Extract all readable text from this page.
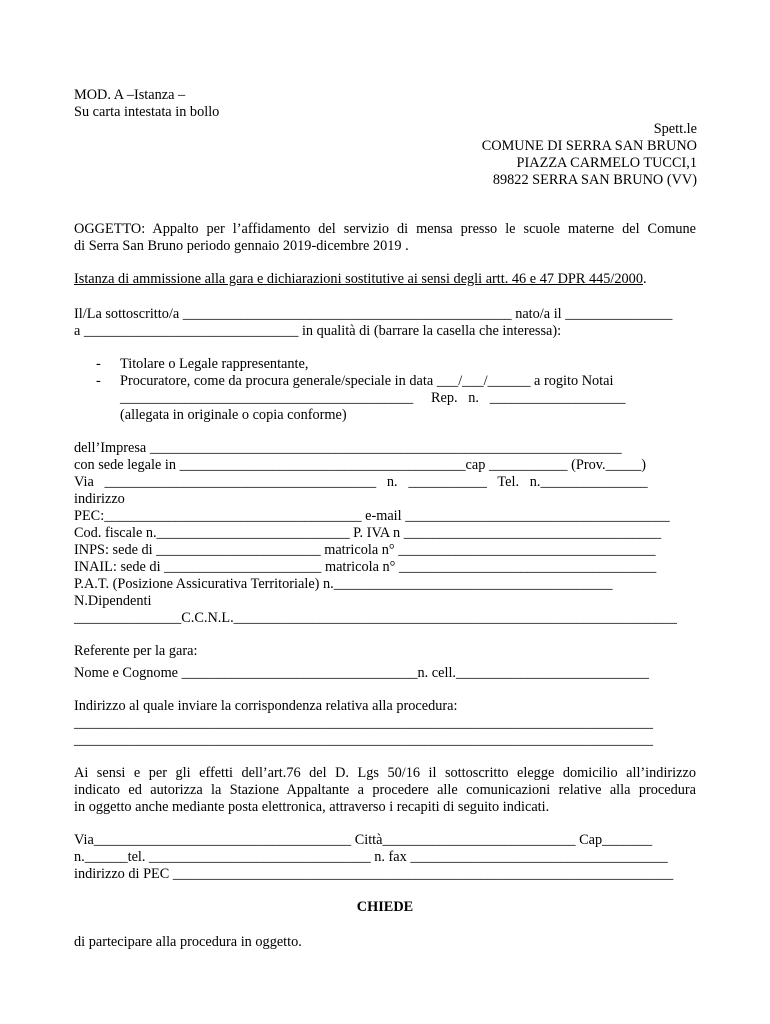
MOD. A –Istanza –
Su carta intestata in bollo
Spett.le
COMUNE DI SERRA SAN BRUNO
PIAZZA CARMELO TUCCI,1
89822 SERRA SAN BRUNO (VV)
OGGETTO: Appalto per l’affidamento del servizio di mensa presso le scuole materne del Comune
di Serra San Bruno periodo gennaio 2019-dicembre 2019 .
Istanza di ammissione alla gara e dichiarazioni sostitutive ai sensi degli artt. 46 e 47 DPR 445/2000.
Il/La sottoscritto/a ______________________________________________ nato/a il _______________
a ______________________________ in qualità di (barrare la casella che interessa):
- Titolare o Legale rappresentante,
- Procuratore, come da procura generale/speciale in data ___/___/______ a rogito Notai
_________________________________________     Rep.   n.   ___________________
(allegata in originale o copia conforme)
dell’Impresa __________________________________________________________________
con sede legale in ________________________________________cap ___________ (Prov._____)
Via   ______________________________________   n.   ___________   Tel.   n._______________
indirizzo
PEC:____________________________________ e-mail _____________________________________
Cod. fiscale n.___________________________ P. IVA n ____________________________________
INPS: sede di _______________________ matricola n° ____________________________________
INAIL: sede di ______________________ matricola n° ____________________________________
P.A.T. (Posizione Assicurativa Territoriale) n._______________________________________
N.Dipendenti
_______________C.C.N.L.______________________________________________________________
Referente per la gara:
Nome e Cognome _________________________________n. cell.___________________________
Indirizzo al quale inviare la corrispondenza relativa alla procedura:
_________________________________________________________________________________
_________________________________________________________________________________
Ai sensi e per gli effetti dell’art.76 del D. Lgs 50/16 il sottoscritto elegge domicilio all’indirizzo
indicato ed autorizza la Stazione Appaltante a procedere alle comunicazioni relative alla procedura
in oggetto anche mediante posta elettronica, attraverso i recapiti di seguito indicati.
Via____________________________________ Città___________________________ Cap_______
n.______tel. _______________________________ n. fax ____________________________________
indirizzo di PEC ______________________________________________________________________
CHIEDE
di partecipare alla procedura in oggetto.
